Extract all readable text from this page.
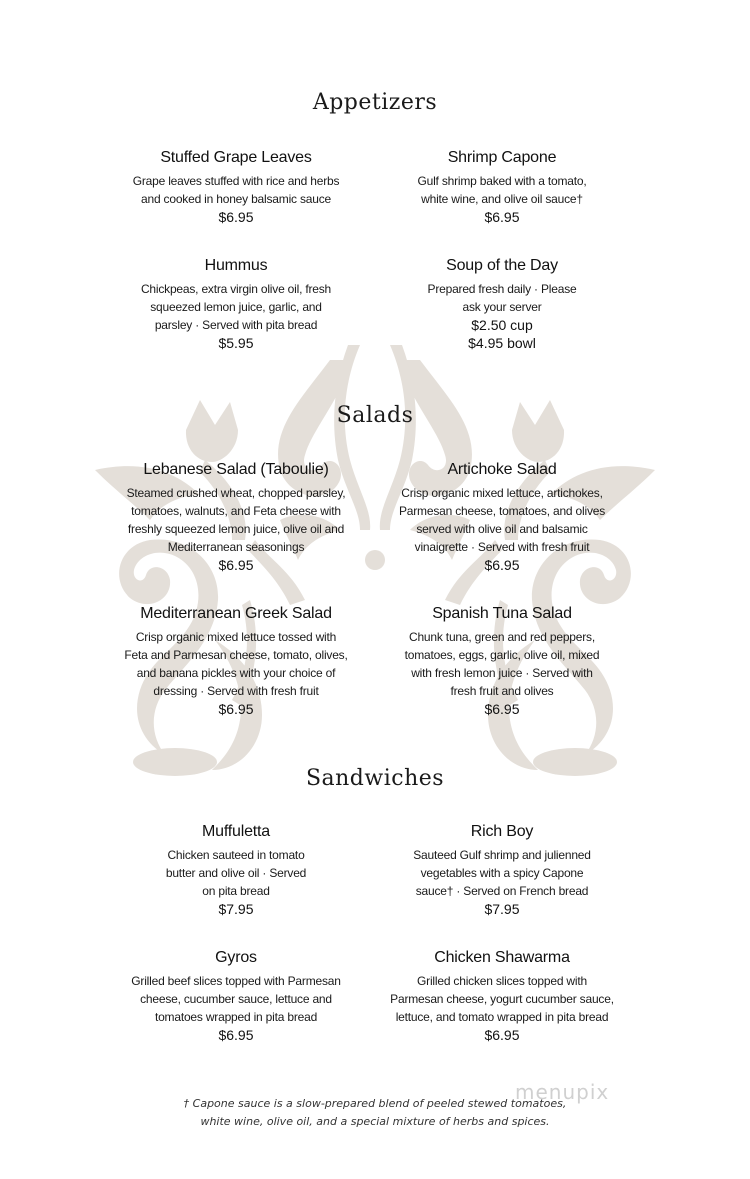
Appetizers
Stuffed Grape Leaves
Grape leaves stuffed with rice and herbs
and cooked in honey balsamic sauce
$6.95
Shrimp Capone
Gulf shrimp baked with a tomato,
white wine, and olive oil sauce†
$6.95
Hummus
Chickpeas, extra virgin olive oil, fresh
squeezed lemon juice, garlic, and
parsley · Served with pita bread
$5.95
Soup of the Day
Prepared fresh daily · Please
ask your server
$2.50 cup
$4.95 bowl
Salads
Lebanese Salad (Taboulie)
Steamed crushed wheat, chopped parsley,
tomatoes, walnuts, and Feta cheese with
freshly squeezed lemon juice, olive oil and
Mediterranean seasonings
$6.95
Artichoke Salad
Crisp organic mixed lettuce, artichokes,
Parmesan cheese, tomatoes, and olives
served with olive oil and balsamic
vinaigrette · Served with fresh fruit
$6.95
Mediterranean Greek Salad
Crisp organic mixed lettuce tossed with
Feta and Parmesan cheese, tomato, olives,
and banana pickles with your choice of
dressing · Served with fresh fruit
$6.95
Spanish Tuna Salad
Chunk tuna, green and red peppers,
tomatoes, eggs, garlic, olive oil, mixed
with fresh lemon juice · Served with
fresh fruit and olives
$6.95
Sandwiches
Muffuletta
Chicken sauteed in tomato
butter and olive oil · Served
on pita bread
$7.95
Rich Boy
Sauteed Gulf shrimp and julienned
vegetables with a spicy Capone
sauce† · Served on French bread
$7.95
Gyros
Grilled beef slices topped with Parmesan
cheese, cucumber sauce, lettuce and
tomatoes wrapped in pita bread
$6.95
Chicken Shawarma
Grilled chicken slices topped with
Parmesan cheese, yogurt cucumber sauce,
lettuce, and tomato wrapped in pita bread
$6.95
† Capone sauce is a slow-prepared blend of peeled stewed tomatoes,
white wine, olive oil, and a special mixture of herbs and spices.
menupix
